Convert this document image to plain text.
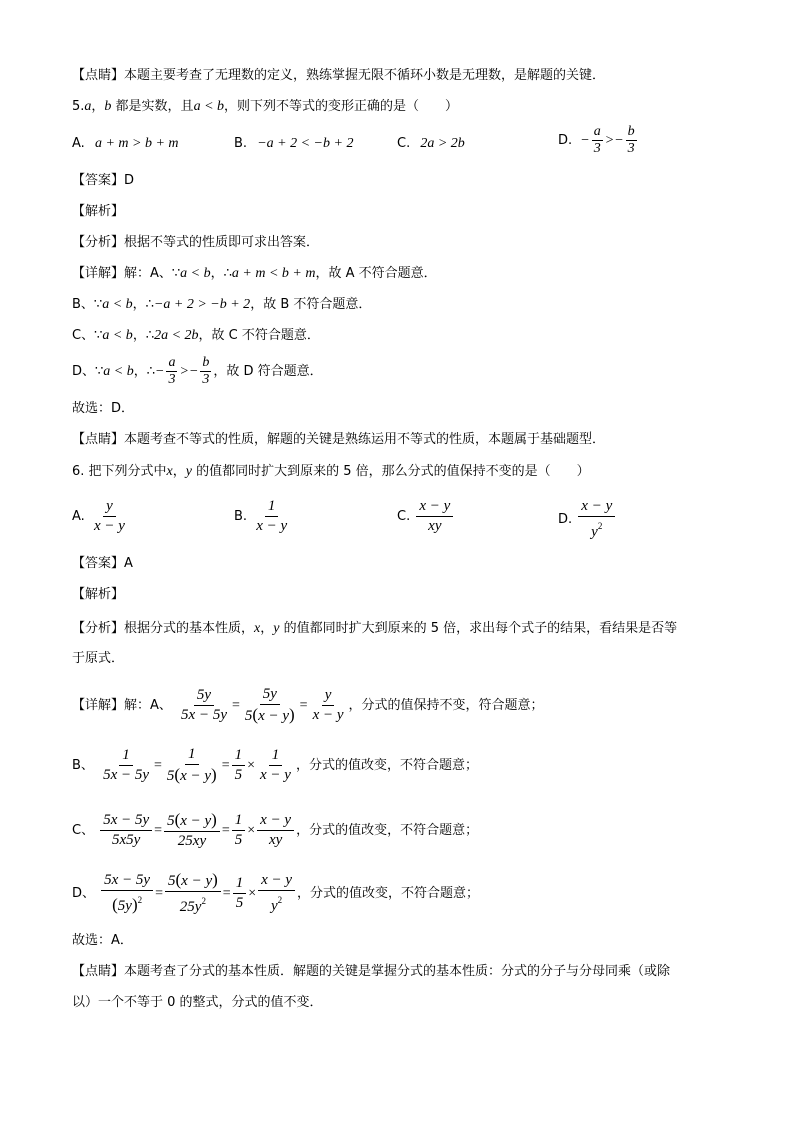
【点睛】本题主要考查了无理数的定义，熟练掌握无限不循环小数是无理数，是解题的关键．
5.a，b 都是实数，且a < b，则下列不等式的变形正确的是（　　）
A. a + m > b + m	B. −a + 2 < −b + 2	C. 2a > 2b	D. − $\frac{a}{3} >- \frac{b}{3}$
【答案】D
【解析】
【分析】根据不等式的性质即可求出答案．
【详解】解：A、∵a < b，∴a + m < b + m，故 A 不符合题意．
B、∵a < b，∴−a + 2 > −b + 2，故 B 不符合题意．
C、∵a < b，∴2a < 2b，故 C 不符合题意．
D、∵a < b，∴− $\frac{a}{3} >- \frac{b}{3}$ ，故 D 符合题意．
故选：D．
【点睛】本题考查不等式的性质，解题的关键是熟练运用不等式的性质，本题属于基础题型．
6. 把下列分式中x，y 的值都同时扩大到原来的 5 倍，那么分式的值保持不变的是（　　）
A. $\frac{y}{x - y}$	B. $\frac{1}{x - y}$	C. $\frac{x - y}{xy}$	D. $\frac{x - y}{y^2}$
【答案】A
【解析】
【分析】根据分式的基本性质，x，y 的值都同时扩大到原来的 5 倍，求出每个式子的结果，看结果是否等
于原式．
【详解】解：A、 $\frac{5y}{5x - 5y} = \frac{5y}{5(x - y)} = \frac{y}{x - y}$ ，分式的值保持不变，符合题意；
B、 $\frac{1}{5x - 5y} = \frac{1}{5(x - y)} = \frac{1}{5} \times \frac{1}{x - y}$ ，分式的值改变，不符合题意；
C、 $\frac{5x - 5y}{5x5y} = \frac{5(x - y)}{25xy} = \frac{1}{5} \times \frac{x - y}{xy}$ ，分式的值改变，不符合题意；
D、 $\frac{5x - 5y}{(5y)^2} = \frac{5(x - y)}{25y^2} = \frac{1}{5} \times \frac{x - y}{y^2}$ ，分式的值改变，不符合题意；
故选：A．
【点睛】本题考查了分式的基本性质．解题的关键是掌握分式的基本性质：分式的分子与分母同乘（或除
以）一个不等于 0 的整式，分式的值不变．
